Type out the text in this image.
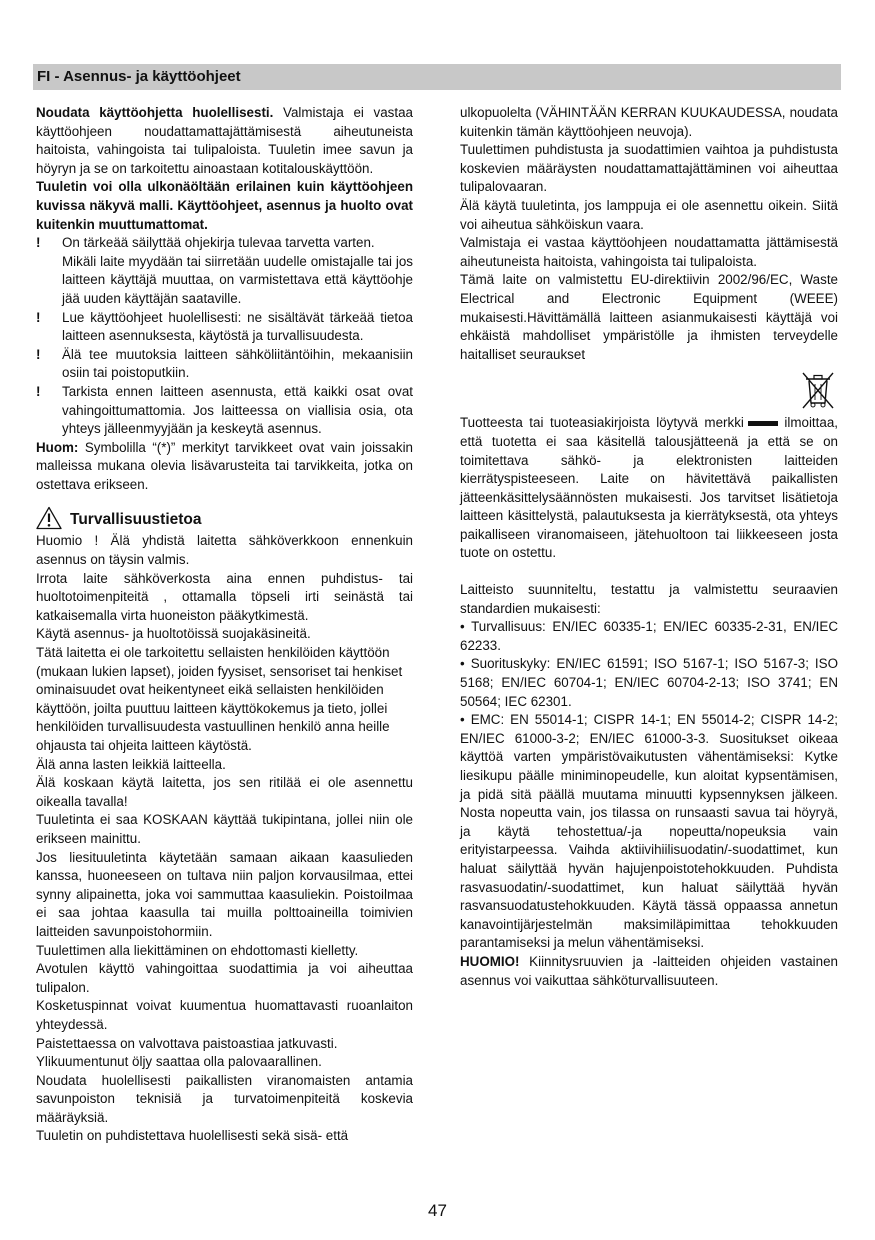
FI - Asennus- ja käyttöohjeet

Noudata käyttöohjetta huolellisesti. Valmistaja ei vastaa käyttöohjeen noudattamattajättämisestä aiheutuneista haitoista, vahingoista tai tulipaloista. Tuuletin imee savun ja höyryn ja se on tarkoitettu ainoastaan kotitalouskäyttöön.

Tuuletin voi olla ulkonäöltään erilainen kuin käyttöohjeen kuvissa näkyvä malli. Käyttöohjeet, asennus ja huolto ovat kuitenkin muuttumattomat.

! On tärkeää säilyttää ohjekirja tulevaa tarvetta varten.

Mikäli laite myydään tai siirretään uudelle omistajalle tai jos laitteen käyttäjä muuttaa, on varmistettava että käyttöohje jää uuden käyttäjän saataville.

! Lue käyttöohjeet huolellisesti: ne sisältävät tärkeää tietoa laitteen asennuksesta, käytöstä ja turvallisuudesta.

! Älä tee muutoksia laitteen sähköliitäntöihin, mekaanisiin osiin tai poistoputkiin.

! Tarkista ennen laitteen asennusta, että kaikki osat ovat vahingoittumattomia. Jos laitteessa on viallisia osia, ota yhteys jälleenmyyjään ja keskeytä asennus.

Huom: Symbolilla “(*)” merkityt tarvikkeet ovat vain joissakin malleissa mukana olevia lisävarusteita tai tarvikkeita, jotka on ostettava erikseen.

Turvallisuustietoa

Huomio ! Älä yhdistä laitetta sähköverkkoon ennenkuin asennus on täysin valmis.

Irrota laite sähköverkosta aina ennen puhdistus- tai huoltotoimenpiteitä , ottamalla töpseli irti seinästä tai katkaisemalla virta huoneiston pääkytkimestä.

Käytä asennus- ja huoltotöissä suojakäsineitä.

Tätä laitetta ei ole tarkoitettu sellaisten henkilöiden käyttöön (mukaan lukien lapset), joiden fyysiset, sensoriset tai henkiset ominaisuudet ovat heikentyneet eikä sellaisten henkilöiden käyttöön, joilta puuttuu laitteen käyttökokemus ja tieto, jollei henkilöiden turvallisuudesta vastuullinen henkilö anna heille ohjausta tai ohjeita laitteen käytöstä.

Älä anna lasten leikkiä laitteella.

Älä koskaan käytä laitetta, jos sen ritilää ei ole asennettu oikealla tavalla!

Tuuletinta ei saa KOSKAAN käyttää tukipintana, jollei niin ole erikseen mainittu.

Jos liesituuletinta käytetään samaan aikaan kaasulieden kanssa, huoneeseen on tultava niin paljon korvausilmaa, ettei synny alipainetta, joka voi sammuttaa kaasuliekin. Poistoilmaa ei saa johtaa kaasulla tai muilla polttoaineilla toimivien laitteiden savunpoistohormiin.

Tuulettimen alla liekittäminen on ehdottomasti kielletty.

Avotulen käyttö vahingoittaa suodattimia ja voi aiheuttaa tulipalon.

Kosketuspinnat voivat kuumentua huomattavasti ruoanlaiton yhteydessä.

Paistettaessa on valvottava paistoastiaa jatkuvasti.

Ylikuumentunut öljy saattaa olla palovaarallinen.

Noudata huolellisesti paikallisten viranomaisten antamia savunpoiston teknisiä ja turvatoimenpiteitä koskevia määräyksiä.

Tuuletin on puhdistettava huolellisesti sekä sisä- että

ulkopuolelta (VÄHINTÄÄN KERRAN KUUKAUDESSA, noudata kuitenkin tämän käyttöohjeen neuvoja).

Tuulettimen puhdistusta ja suodattimien vaihtoa ja puhdistusta koskevien määräysten noudattamattajättäminen voi aiheuttaa tulipalovaaran.

Älä käytä tuuletinta, jos lamppuja ei ole asennettu oikein. Siitä voi aiheutua sähköiskun vaara.

Valmistaja ei vastaa käyttöohjeen noudattamatta jättämisestä aiheutuneista haitoista, vahingoista tai tulipaloista.

Tämä laite on valmistettu EU-direktiivin 2002/96/EC, Waste Electrical and Electronic Equipment (WEEE) mukaisesti.Hävittämällä laitteen asianmukaisesti käyttäjä voi ehkäistä mahdolliset ympäristölle ja ihmisten terveydelle haitalliset seuraukset

Tuotteesta tai tuoteasiakirjoista löytyvä merkki	ilmoittaa, että tuotetta ei saa käsitellä talousjätteenä ja että se on toimitettava sähkö- ja elektronisten laitteiden kierrätyspisteeseen. Laite on hävitettävä paikallisten jätteenkäsittelysäännösten mukaisesti. Jos tarvitset lisätietoja laitteen käsittelystä, palautuksesta ja kierrätyksestä, ota yhteys paikalliseen viranomaiseen, jätehuoltoon tai liikkeeseen josta tuote on ostettu.

Laitteisto suunniteltu, testattu ja valmistettu seuraavien standardien mukaisesti:

• Turvallisuus: EN/IEC 60335-1; EN/IEC 60335-2-31, EN/IEC 62233.

• Suorituskyky: EN/IEC 61591; ISO 5167-1; ISO 5167-3; ISO 5168; EN/IEC 60704-1; EN/IEC 60704-2-13; ISO 3741; EN 50564; IEC 62301.

• EMC: EN 55014-1; CISPR 14-1; EN 55014-2; CISPR 14-2; EN/IEC 61000-3-2; EN/IEC 61000-3-3. Suositukset oikeaa käyttöä varten ympäristövaikutusten vähentämiseksi: Kytke liesikupu päälle miniminopeudelle, kun aloitat kypsentämisen, ja pidä sitä päällä muutama minuutti kypsennyksen jälkeen. Nosta nopeutta vain, jos tilassa on runsaasti savua tai höyryä, ja käytä tehostettua/-ja nopeutta/nopeuksia vain erityistarpeessa. Vaihda aktiivihiilisuodatin/-suodattimet, kun haluat säilyttää hyvän hajujenpoistotehokkuuden. Puhdista rasvasuodatin/-suodattimet, kun haluat säilyttää hyvän rasvansuodatustehokkuuden. Käytä tässä oppaassa annetun kanavointijärjestelmän maksimiläpimittaa tehokkuuden parantamiseksi ja melun vähentämiseksi.

HUOMIO! Kiinnitysruuvien ja -laitteiden ohjeiden vastainen asennus voi vaikuttaa sähköturvallisuuteen.

47
